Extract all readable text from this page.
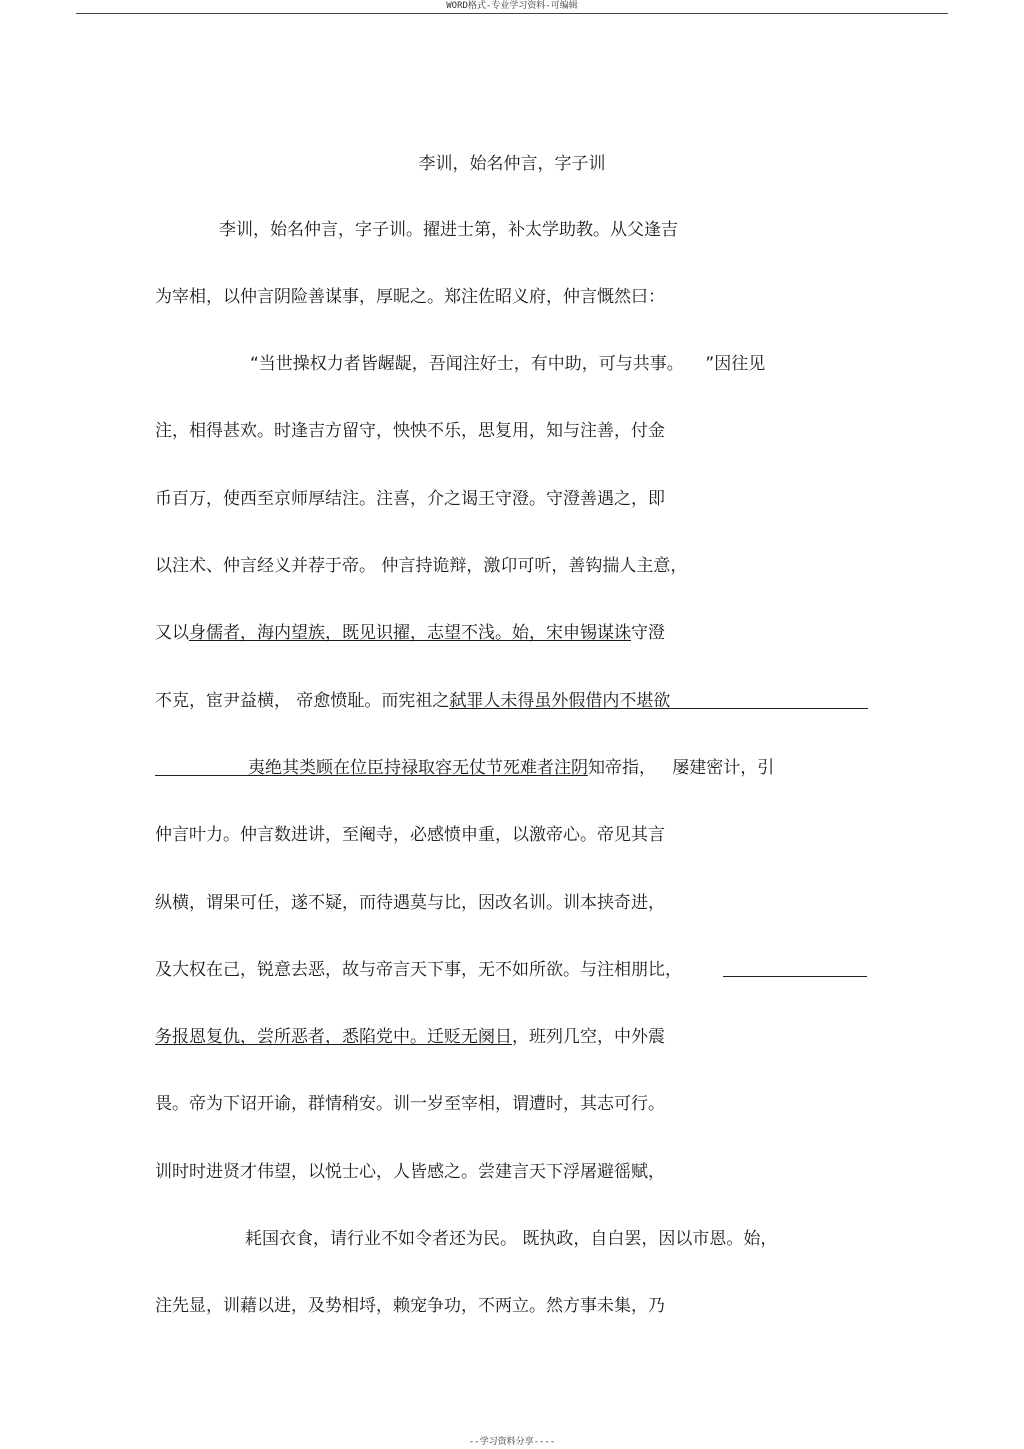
WORD格式-专业学习资料-可编辑
李训，始名仲言，字子训
李训，始名仲言，字子训。擢进士第，补太学助教。从父逢吉
为宰相，以仲言阴险善谋事，厚昵之。郑注佐昭义府，仲言慨然曰：
“当世操权力者皆龌龊，吾闻注好士，有中助，可与共事。    ”因往见
注，相得甚欢。时逢吉方留守，怏怏不乐，思复用，知与注善，付金
币百万，使西至京师厚结注。注喜，介之谒王守澄。守澄善遇之，即
以注术、仲言经义并荐于帝。 仲言持诡辩，激卬可听，善钩揣人主意，
又以身儒者，海内望族，既见识擢，志望不浅。始，宋申锡谋诛守澄
不克，宦尹益横， 帝愈愤耻。而宪祖之弑罪人未得虽外假借内不堪欲
夷绝其类顾在位臣持禄取容无仗节死难者注阴知帝指，   屡建密计，引
仲言叶力。仲言数进讲，至阉寺，必感愤申重，以激帝心。帝见其言
纵横，谓果可任，遂不疑，而待遇莫与比，因改名训。训本挟奇进，
及大权在己，锐意去恶，故与帝言天下事，无不如所欲。与注相朋比，
务报恩复仇，尝所恶者，悉陷党中。迁贬无阕日，班列几空，中外震
畏。帝为下诏开谕，群情稍安。训一岁至宰相，谓遭时，其志可行。
训时时进贤才伟望，以悦士心，人皆感之。尝建言天下浮屠避徭赋，
耗国衣食，请行业不如令者还为民。 既执政，自白罢，因以市恩。始，
注先显，训藉以进，及势相埒，赖宠争功，不两立。然方事未集，乃
--学习资料分享----
